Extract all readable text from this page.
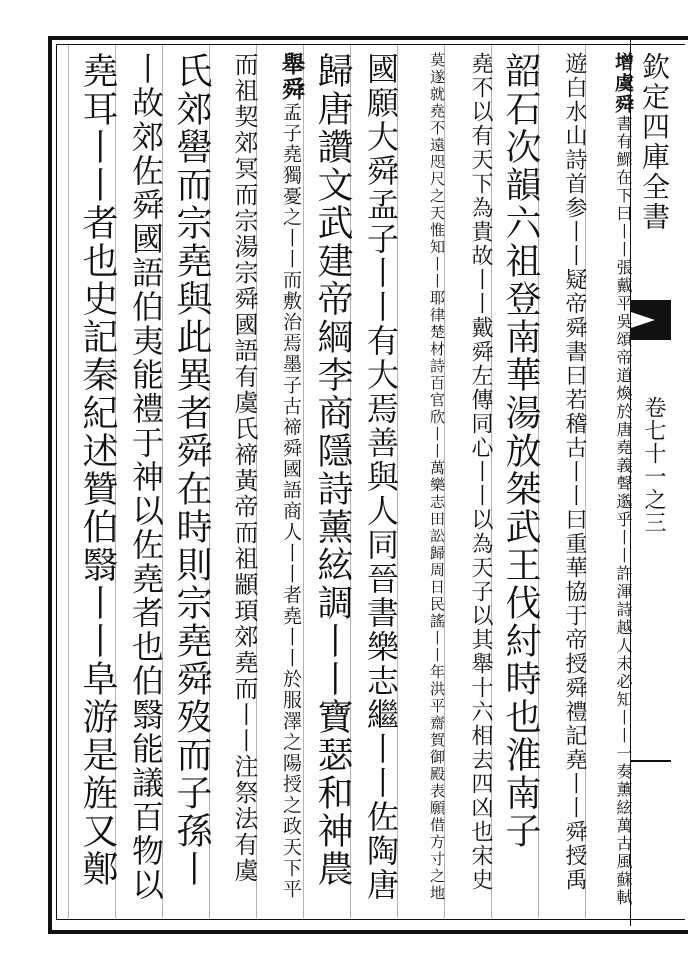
欽定四庫全書
卷七十一之三
增虞舜書有鰥在下曰丨丨張戴平吳頌帝道煥於唐堯義聲邈乎丨丨許渾詩越人未必知丨丨一奏薰絃萬古風蘇軾
遊白水山詩首参丨丨疑帝舜書曰若稽古丨丨曰重華協于帝授舜禮記堯丨丨舜授禹
韶石次韻六祖登南華湯放桀武王伐紂時也淮南子
堯不以有天下為貴故丨丨戴舜左傳同心丨丨以為天子以其舉十六相去四凶也宋史
莫遂就堯不遠咫尺之天惟知丨丨耶律楚材詩百官欣丨丨萬樂志田訟歸周日民謠丨丨年洪平齋賀御殿表願借方寸之地
國願大舜孟子丨丨有大焉善與人同晉書樂志繼丨丨佐陶唐
歸唐讚文武建帝綱李商隱詩薰絃調丨丨寶瑟和神農
舉舜孟子堯獨憂之丨丨而敷治焉墨子古禘舜國語商人丨丨者堯丨丨於服澤之陽授之政天下平
而祖契郊冥而宗湯宗舜國語有虞氏禘黃帝而祖顓頊郊堯而丨丨注祭法有虞
氏郊嚳而宗堯與此異者舜在時則宗堯舜歿而子孫丨
丨故郊佐舜國語伯夷能禮于神以佐堯者也伯翳能議百物以
堯耳丨丨者也史記秦紀述贊伯翳丨丨阜游是旌又鄭
